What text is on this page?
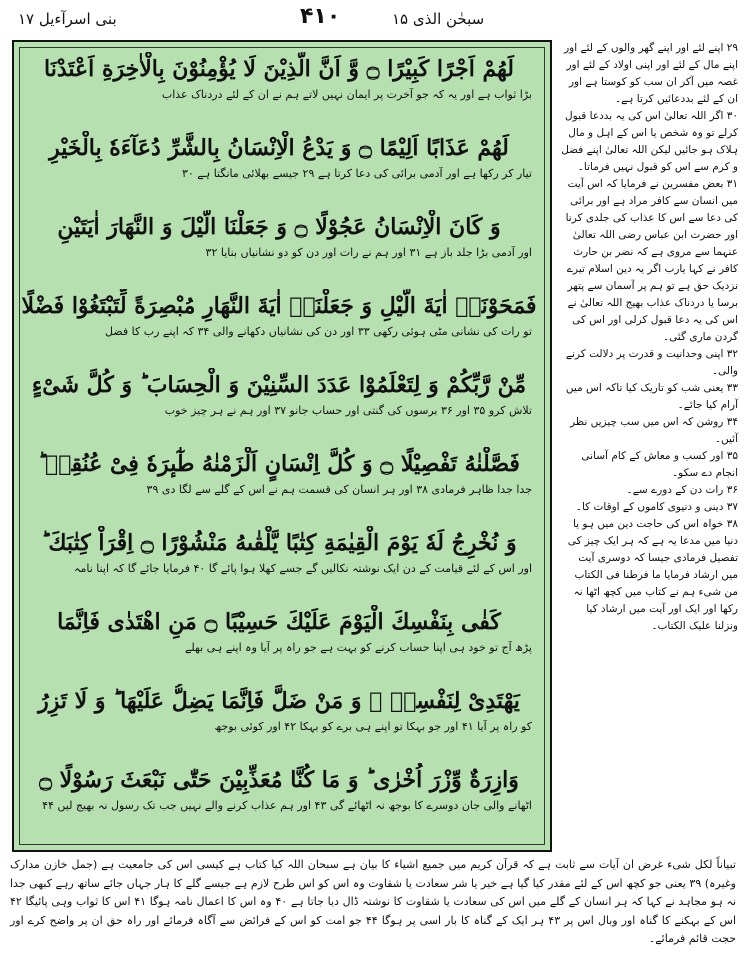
بنی اسرآءیل ۱۷	۴۱۰	سبحٰن الذی ۱۵
لَهُمْ اَجْرًا كَبِیْرًا ۝ وَّ اَنَّ الَّذِیْنَ لَا یُؤْمِنُوْنَ بِالْاٰخِرَةِ اَعْتَدْنَا
بڑا ثواب ہے اور یہ کہ جو آخرت پر ایمان نہیں لاتے ہم نے ان کے لئے دردناک عذاب
لَهُمْ عَذَابًا اَلِیْمًا ۝ وَ یَدْعُ الْاِنْسَانُ بِالشَّرِّ دُعَآءَهٗ بِالْخَیْرِ
تیار کر رکھا ہے اور آدمی برائی کی دعا کرتا ہے ۲۹ جیسے بھلائی مانگتا ہے ۳۰
وَ كَانَ الْاِنْسَانُ عَجُوْلًا ۝ وَ جَعَلْنَا الَّیْلَ وَ النَّهَارَ اٰیَتَیْنِ
اور آدمی بڑا جلد باز ہے ۳۱ اور ہم نے رات اور دن کو دو نشانیاں بنایا ۳۲
فَمَحَوْنَاۤ اٰیَةَ الَّیْلِ وَ جَعَلْنَاۤ اٰیَةَ النَّهَارِ مُبْصِرَةً لِّتَبْتَغُوْا فَضْلًا
تو رات کی نشانی مٹی ہوئی رکھی ۳۳ اور دن کی نشانیاں دکھانے والی ۳۴ کہ اپنے رب کا فضل
مِّنْ رَّبِّكُمْ وَ لِتَعْلَمُوْا عَدَدَ السِّنِیْنَ وَ الْحِسَابَ ؕ وَ كُلَّ شَیْءٍ
تلاش کرو ۳۵ اور ۳۶ برسوں کی گنتی اور حساب جانو ۳۷ اور ہم نے ہر چیز خوب
فَصَّلْنٰهُ تَفْصِیْلًا ۝ وَ كُلَّ اِنْسَانٍ اَلْزَمْنٰهُ طٰٓىٕرَهٗ فِیْ عُنُقِهٖ ؕ
جدا جدا ظاہر فرمادی ۳۸ اور ہر انسان کی قسمت ہم نے اس کے گلے سے لگا دی ۳۹
وَ نُخْرِجُ لَهٗ یَوْمَ الْقِیٰمَةِ كِتٰبًا یَّلْقٰىهُ مَنْشُوْرًا ۝ اِقْرَاْ كِتٰبَكَ ؕ
اور اس کے لئے قیامت کے دن ایک نوشتہ نکالیں گے جسے کھلا ہوا پائے گا ۴۰ فرمایا جائے گا کہ اپنا نامہ
كَفٰى بِنَفْسِكَ الْیَوْمَ عَلَیْكَ حَسِیْبًا ۝ مَنِ اهْتَدٰى فَاِنَّمَا
پڑھ آج تو خود ہی اپنا حساب کرنے کو بہت ہے جو راہ پر آیا وہ اپنے ہی بھلے
یَهْتَدِیْ لِنَفْسِهٖ ۚ وَ مَنْ ضَلَّ فَاِنَّمَا یَضِلُّ عَلَیْهَا ؕ وَ لَا تَزِرُ
کو راہ پر آیا ۴۱ اور جو بہکا تو اپنے ہی برے کو بہکا ۴۲ اور کوئی بوجھ
وَازِرَةٌ وِّزْرَ اُخْرٰى ؕ وَ مَا كُنَّا مُعَذِّبِیْنَ حَتّٰى نَبْعَثَ رَسُوْلًا ۝
اٹھانے والی جان دوسرے کا بوجھ نہ اٹھائے گی ۴۳ اور ہم عذاب کرنے والے نہیں جب تک رسول نہ بھیج لیں ۴۴
۲۹ اپنے لئے اور اپنے گھر والوں کے لئے اور اپنے مال کے لئے اور اپنی اولاد کے لئے اور غصہ میں آکر ان سب کو کوستا ہے اور ان کے لئے بددعائیں کرتا ہے۔
۳۰ اگر اللہ تعالیٰ اس کی یہ بددعا قبول کرلے تو وہ شخص یا اس کے اہل و مال ہلاک ہو جائیں لیکن اللہ تعالیٰ اپنے فضل و کرم سے اس کو قبول نہیں فرماتا۔
۳۱ بعض مفسرین نے فرمایا کہ اس آیت میں انسان سے کافر مراد ہے اور برائی کی دعا سے اس کا عذاب کی جلدی کرنا اور حضرت ابن عباس رضی اللہ تعالیٰ عنہما سے مروی ہے کہ نضر بن حارث کافر نے کہا یارب اگر یہ دین اسلام تیرے نزدیک حق ہے تو ہم پر آسمان سے پتھر برسا یا دردناک عذاب بھیج اللہ تعالیٰ نے اس کی یہ دعا قبول کرلی اور اس کی گردن ماری گئی۔
۳۲ اپنی وحدانیت و قدرت پر دلالت کرنے والی۔
۳۳ یعنی شب کو تاریک کیا تاکہ اس میں آرام کیا جائے۔
۳۴ روشن کہ اس میں سب چیزیں نظر آئیں۔
۳۵ اور کسب و معاش کے کام آسانی انجام دے سکو۔
۳۶ رات دن کے دورے سے۔
۳۷ دینی و دنیوی کاموں کے اوقات کا۔
۳۸ خواہ اس کی حاجت دین میں ہو یا دنیا میں مدعا یہ ہے کہ ہر ایک چیز کی تفصیل فرمادی جیسا کہ دوسری آیت میں ارشاد فرمایا ما فرطنا فی الکتاب من شیء ہم نے کتاب میں کچھ اٹھا نہ رکھا اور ایک اور آیت میں ارشاد کیا ونزلنا علیک الکتاب۔
تبیاناً لکل شیء غرض ان آیات سے ثابت ہے کہ قرآن کریم میں جمیع اشیاء کا بیان ہے سبحان اللہ کیا کتاب ہے کیسی اس کی جامعیت ہے (جمل خازن مدارک وغیرہ) ۳۹ یعنی جو کچھ اس کے لئے مقدر کیا گیا ہے خیر یا شر سعادت یا شقاوت وہ اس کو اس طرح لازم ہے جیسے گلے کا ہار جہاں جائے ساتھ رہے کبھی جدا نہ ہو مجاہد نے کہا کہ ہر انسان کے گلے میں اس کی سعادت یا شقاوت کا نوشتہ ڈال دیا جاتا ہے ۴۰ وہ اس کا اعمال نامہ ہوگا ۴۱ اس کا ثواب وہی پائیگا ۴۲ اس کے بہکنے کا گناہ اور وبال اس پر ۴۳ ہر ایک کے گناہ کا بار اسی پر ہوگا ۴۴ جو امت کو اس کے فرائض سے آگاہ فرمائے اور راہ حق ان پر واضح کرے اور حجت قائم فرمائے۔
